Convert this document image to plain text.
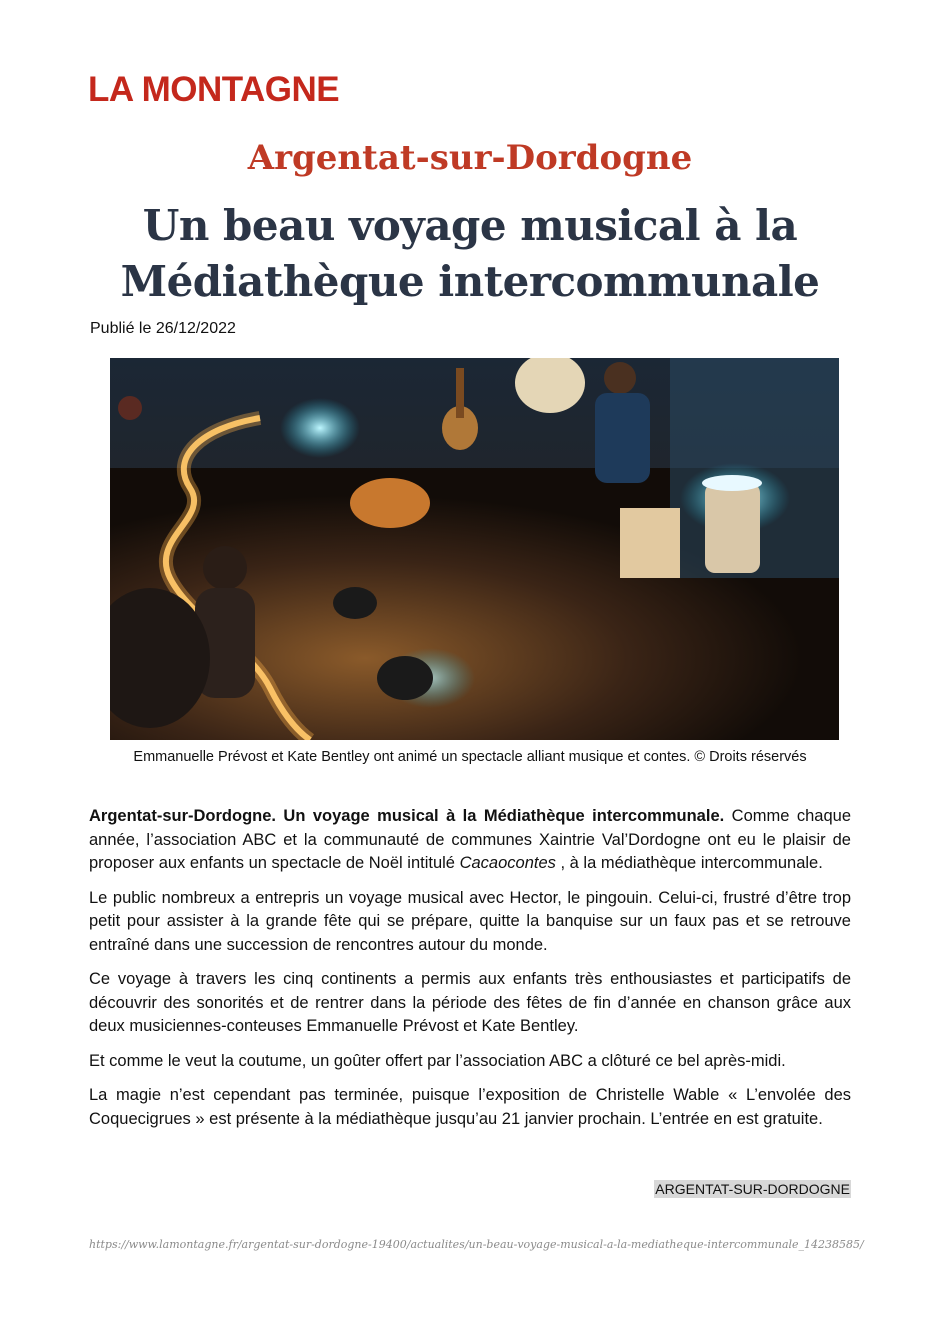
LA MONTAGNE
Argentat-sur-Dordogne
Un beau voyage musical à la
Médiathèque intercommunale
Publié le 26/12/2022
Emmanuelle Prévost et Kate Bentley ont animé un spectacle alliant musique et contes. © Droits réservés

Argentat-sur-Dordogne. Un voyage musical à la Médiathèque intercommunale. Comme chaque année, l’association ABC et la communauté de communes Xaintrie Val’Dordogne ont eu le plaisir de proposer aux enfants un spectacle de Noël intitulé Cacaocontes , à la médiathèque intercommunale.

Le public nombreux a entrepris un voyage musical avec Hector, le pingouin. Celui-ci, frustré d’être trop petit pour assister à la grande fête qui se prépare, quitte la banquise sur un faux pas et se retrouve entraîné dans une succession de rencontres autour du monde.

Ce voyage à travers les cinq continents a permis aux enfants très enthousiastes et participatifs de découvrir des sonorités et de rentrer dans la période des fêtes de fin d’année en chanson grâce aux deux musiciennes-conteuses Emmanuelle Prévost et Kate Bentley.

Et comme le veut la coutume, un goûter offert par l’association ABC a clôturé ce bel après-midi.

La magie n’est cependant pas terminée, puisque l’exposition de Christelle Wable « L’envolée des Coquecigrues » est présente à la médiathèque jusqu’au 21 janvier prochain. L’entrée en est gratuite.

ARGENTAT-SUR-DORDOGNE
https://www.lamontagne.fr/argentat-sur-dordogne-19400/actualites/un-beau-voyage-musical-a-la-mediatheque-intercommunale_14238585/
